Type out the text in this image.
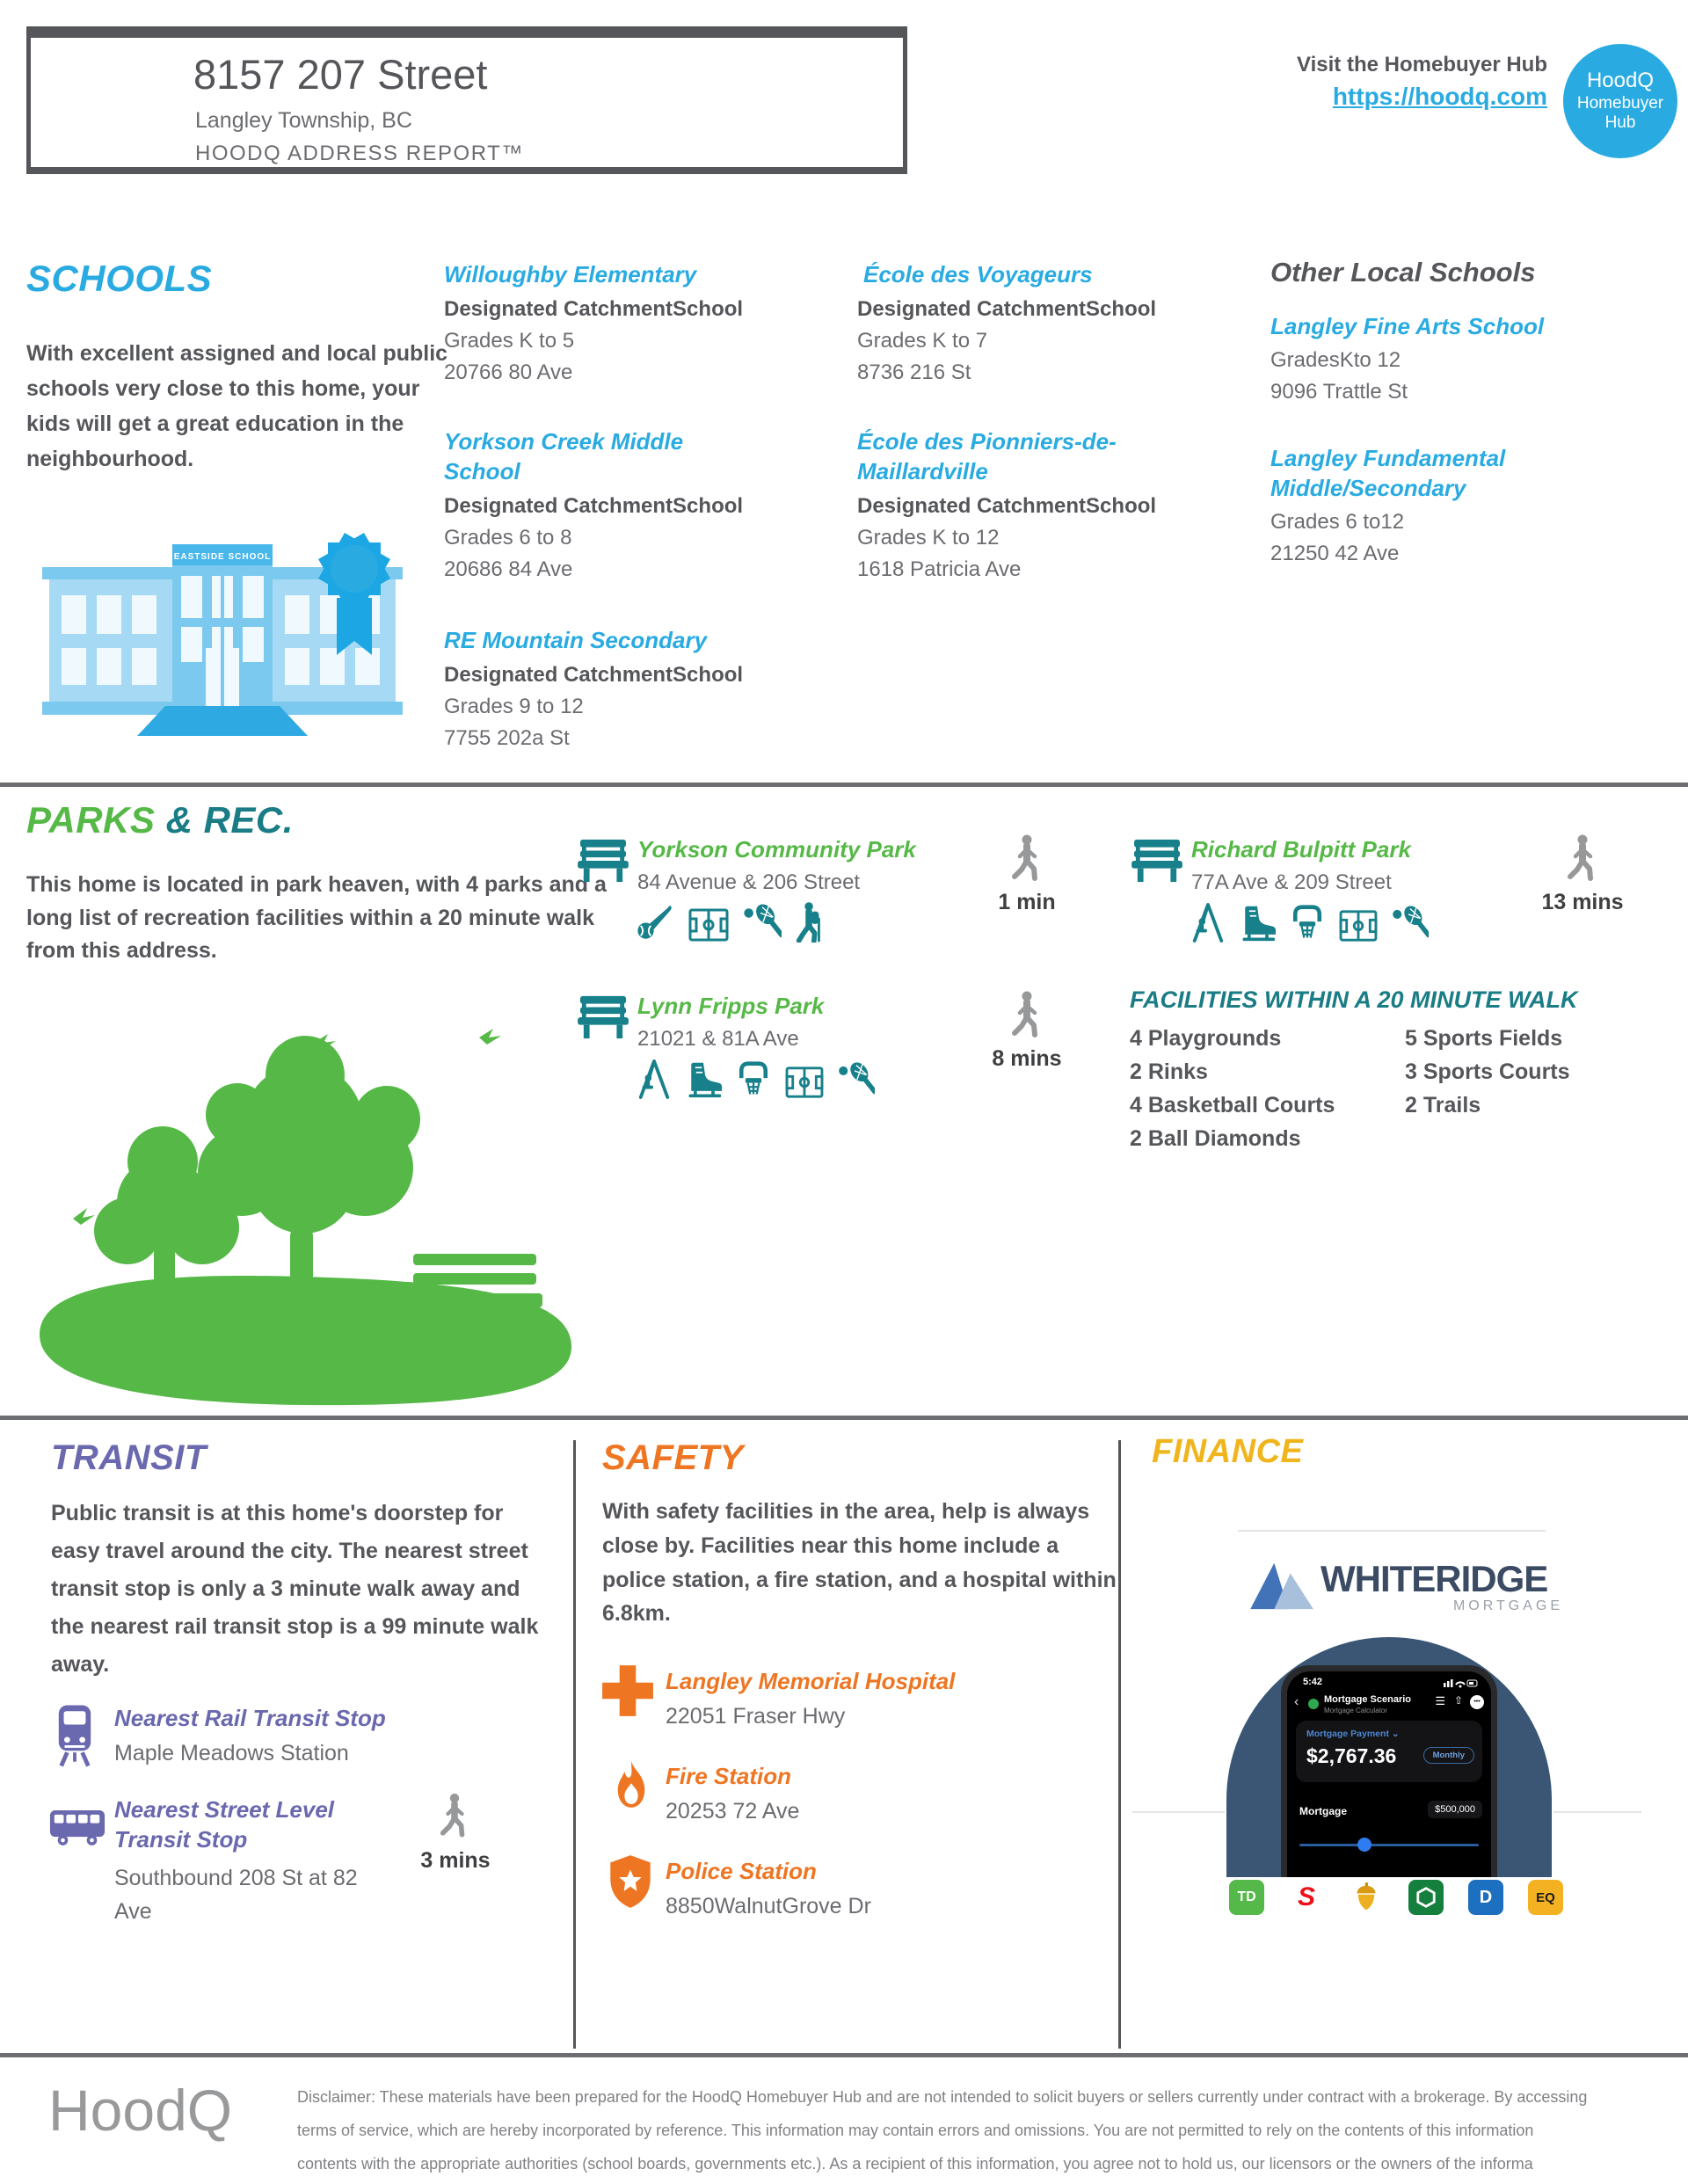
8157 207 Street
Langley Township, BC
HOODQ ADDRESS REPORT™
Visit the Homebuyer Hub
https://hoodq.com
HoodQ
Homebuyer
Hub
SCHOOLS
With excellent assigned and local public schools very close to this home, your kids will get a great education in the neighbourhood.
EASTSIDE SCHOOL
Willoughby Elementary
Designated CatchmentSchool
Grades K to 5
20766 80 Ave
Yorkson Creek Middle School
Designated CatchmentSchool
Grades 6 to 8
20686 84 Ave
RE Mountain Secondary
Designated CatchmentSchool
Grades 9 to 12
7755 202a St
École des Voyageurs
Designated CatchmentSchool
Grades K to 7
8736 216 St
École des Pionniers-de-Maillardville
Designated CatchmentSchool
Grades K to 12
1618 Patricia Ave
Other Local Schools
Langley Fine Arts School
GradesKto 12
9096 Trattle St
Langley Fundamental Middle/Secondary
Grades 6 to12
21250 42 Ave
PARKS & REC.
This home is located in park heaven, with 4 parks and a long list of recreation facilities within a 20 minute walk from this address.
Yorkson Community Park
84 Avenue & 206 Street
1 min
Richard Bulpitt Park
77A Ave & 209 Street
13 mins
Lynn Fripps Park
21021 & 81A Ave
8 mins
FACILITIES WITHIN A 20 MINUTE WALK
4 Playgrounds
2 Rinks
4 Basketball Courts
2 Ball Diamonds
5 Sports Fields
3 Sports Courts
2 Trails
TRANSIT
Public transit is at this home's doorstep for easy travel around the city. The nearest street transit stop is only a 3 minute walk away and the nearest rail transit stop is a 99 minute walk away.
Nearest Rail Transit Stop
Maple Meadows Station
Nearest Street Level Transit Stop
Southbound 208 St at 82 Ave
3 mins
SAFETY
With safety facilities in the area, help is always close by. Facilities near this home include a police station, a fire station, and a hospital within 6.8km.
Langley Memorial Hospital
22051 Fraser Hwy
Fire Station
20253 72 Ave
Police Station
8850WalnutGrove Dr
FINANCE
WHITERIDGE
MORTGAGE
5:42
‹	Mortgage Scenario
Mortgage Calculator
☰ ⇧	•••
Mortgage Payment ⌄
$2,767.36	Monthly
Mortgage	$500,000
TD S	D	EQ
HoodQ	Disclaimer: These materials have been prepared for the HoodQ Homebuyer Hub and are not intended to solicit buyers or sellers currently under contract with a brokerage. By accessing
terms of service, which are hereby incorporated by reference. This information may contain errors and omissions. You are not permitted to rely on the contents of this information
contents with the appropriate authorities (school boards, governments etc.). As a recipient of this information, you agree not to hold us, our licensors or the owners of the informa
